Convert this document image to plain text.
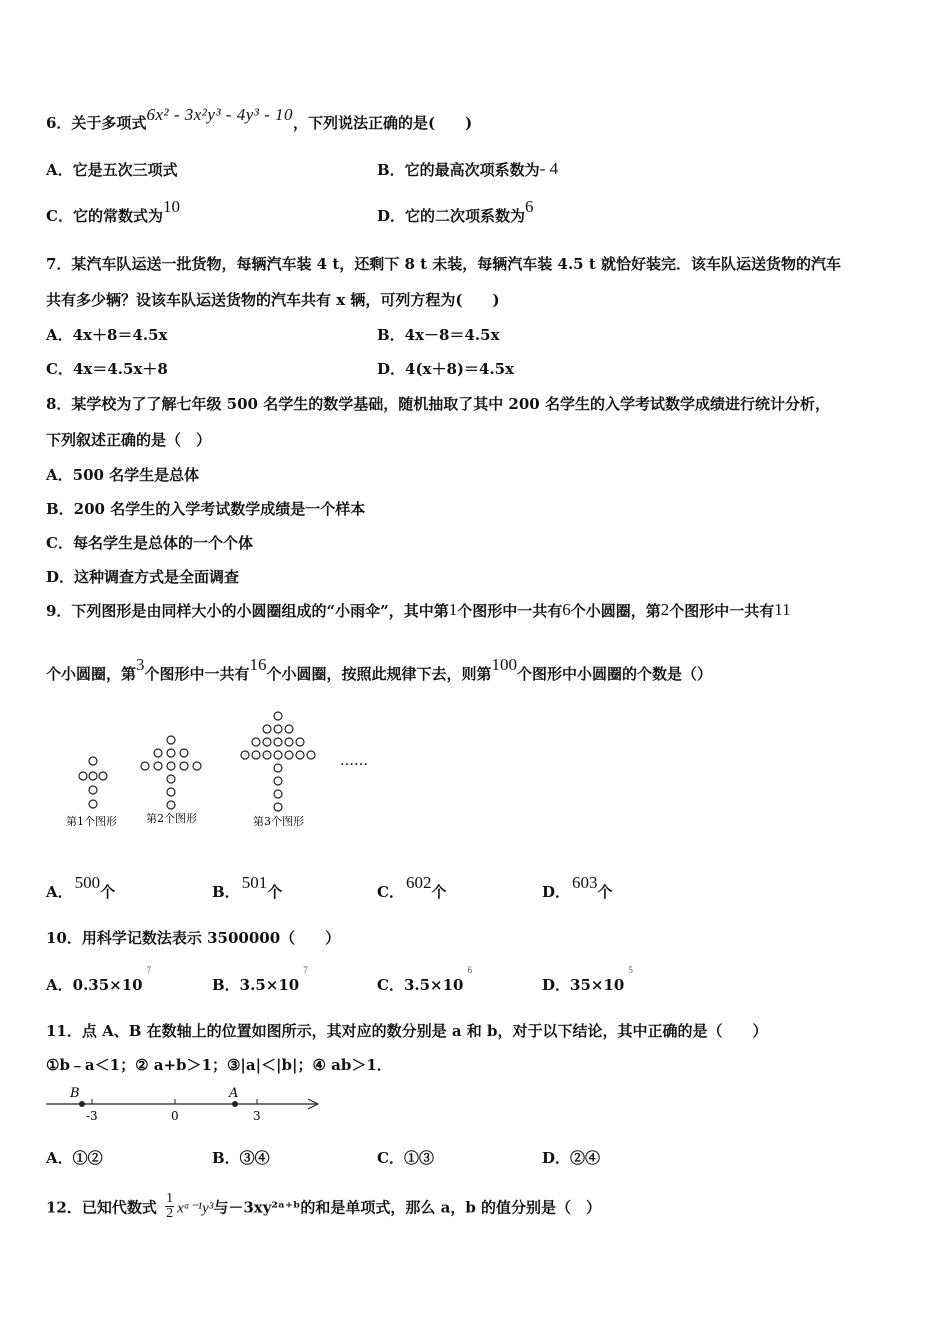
6．关于多项式6x² - 3x²y³ - 4y³ - 10，下列说法正确的是(　　)
A．它是五次三项式	B．它的最高次项系数为- 4
C．它的常数式为10	D．它的二次项系数为6
7．某汽车队运送一批货物，每辆汽车装 4 t，还剩下 8 t 未装，每辆汽车装 4.5 t 就恰好装完．该车队运送货物的汽车
共有多少辆？设该车队运送货物的汽车共有 x 辆，可列方程为(　　)
A．4x＋8＝4.5x	B．4x－8＝4.5x
C．4x＝4.5x＋8	D．4(x＋8)＝4.5x
8．某学校为了了解七年级 500 名学生的数学基础，随机抽取了其中 200 名学生的入学考试数学成绩进行统计分析，
下列叙述正确的是（　）
A．500 名学生是总体
B．200 名学生的入学考试数学成绩是一个样本
C．每名学生是总体的一个个体
D．这种调查方式是全面调查
9．下列图形是由同样大小的小圆圈组成的“小雨伞”，其中第1个图形中一共有6个小圆圈，第2个图形中一共有11
个小圆圈，第3个图形中一共有16个小圆圈，按照此规律下去，则第100个图形中小圆圈的个数是（）
第1个图形	第2个图形	第3个图形
……
A． 500个	B． 501个	C． 602个	D． 603个
10．用科学记数法表示 3500000（　　）
A．$0.35\times 10^7$
B．$3.5\times 10^7$
C．$3.5\times 10^6$
D．$35\times 10^5$
11．点 A、B 在数轴上的位置如图所示，其对应的数分别是 a 和 b，对于以下结论，其中正确的是（　　）
①b﹣a＜1；② a+b＞1；③|a|＜|b|；④ ab＞1．
B	A
-3	0	3
A．①②	B．③④	C．①③	D．②④
12．已知代数式 $\frac{1}{2}$ xᵃ⁻¹y³与－3xy²ᵃ⁺ᵇ的和是单项式，那么 a，b 的值分别是（　）
